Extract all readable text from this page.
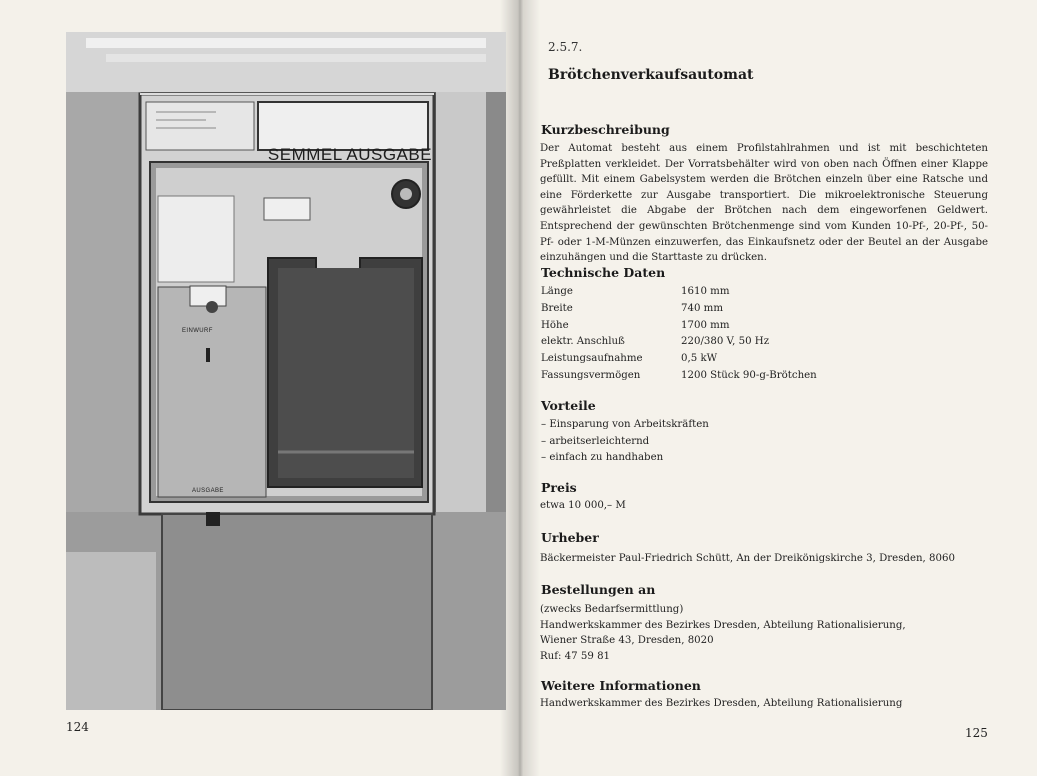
SEMMEL AUSGABE
EINWURF
AUSGABE
124
2.5.7.
Brötchenverkaufsautomat
Kurzbeschreibung
Der Automat besteht aus einem Profilstahlrahmen und ist mit beschichteten Preßplatten verkleidet. Der Vorratsbehälter wird von oben nach Öffnen einer Klappe gefüllt. Mit einem Gabelsystem werden die Brötchen einzeln über eine Ratsche und eine Förderkette zur Ausgabe transportiert. Die mikroelektronische Steuerung gewährleistet die Abgabe der Brötchen nach dem eingeworfenen Geldwert. Entsprechend der gewünschten Brötchenmenge sind vom Kunden 10-Pf-, 20-Pf-, 50-Pf- oder 1-M-Münzen einzuwerfen, das Einkaufsnetz oder der Beutel an der Ausgabe einzuhängen und die Starttaste zu drücken.
Technische Daten
Länge	1610 mm
Breite	740 mm
Höhe	1700 mm
elektr. Anschluß	220/380 V, 50 Hz
Leistungsaufnahme	0,5 kW
Fassungsvermögen	1200 Stück 90-g-Brötchen
Vorteile
– Einsparung von Arbeitskräften
– arbeitserleichternd
– einfach zu handhaben
Preis
etwa 10 000,– M
Urheber
Bäckermeister Paul-Friedrich Schütt, An der Dreikönigskirche 3, Dresden, 8060
Bestellungen an
(zwecks Bedarfsermittlung)
Handwerkskammer des Bezirkes Dresden, Abteilung Rationalisierung,
Wiener Straße 43, Dresden, 8020
Ruf: 47 59 81
Weitere Informationen
Handwerkskammer des Bezirkes Dresden, Abteilung Rationalisierung
125
